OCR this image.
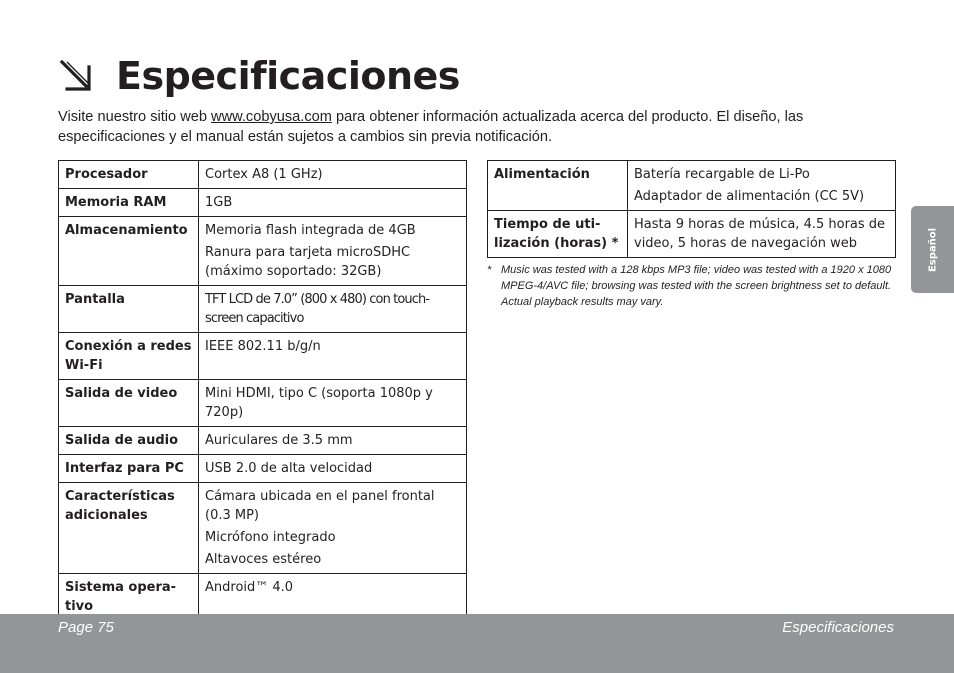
Especificaciones
Visite nuestro sitio web www.cobyusa.com para obtener información actualizada acerca del producto. El diseño, las especificaciones y el manual están sujetos a cambios sin previa notificación.
Procesador	Cortex A8 (1 GHz)

Memoria RAM	1GB

Almacenamiento	Memoria flash integrada de 4GB

Ranura para tarjeta microSDHC (máximo soportado: 32GB)

Pantalla	TFT LCD de 7.0” (800 x 480) con touch-screen capacitivo

Conexión a redes Wi-Fi	IEEE 802.11 b/g/n

Salida de video	Mini HDMI, tipo C (soporta 1080p y 720p)

Salida de audio	Auriculares de 3.5 mm

Interfaz para PC	USB 2.0 de alta velocidad

Características adicionales	Cámara ubicada en el panel frontal (0.3 MP)

Micrófono integrado

Altavoces estéreo

Sistema opera-tivo	Android™ 4.0

Alimentación	Batería recargable de Li-Po

Adaptador de alimentación (CC 5V)

Tiempo de uti-lización (horas) *	Hasta 9 horas de música, 4.5 horas de video, 5 horas de navegación web

* Music was tested with a 128 kbps MP3 file; video was tested with a 1920 x 1080 MPEG-4/AVC file; browsing was tested with the screen brightness set to default. Actual playback results may vary.
Español
Page 75	Especificaciones
